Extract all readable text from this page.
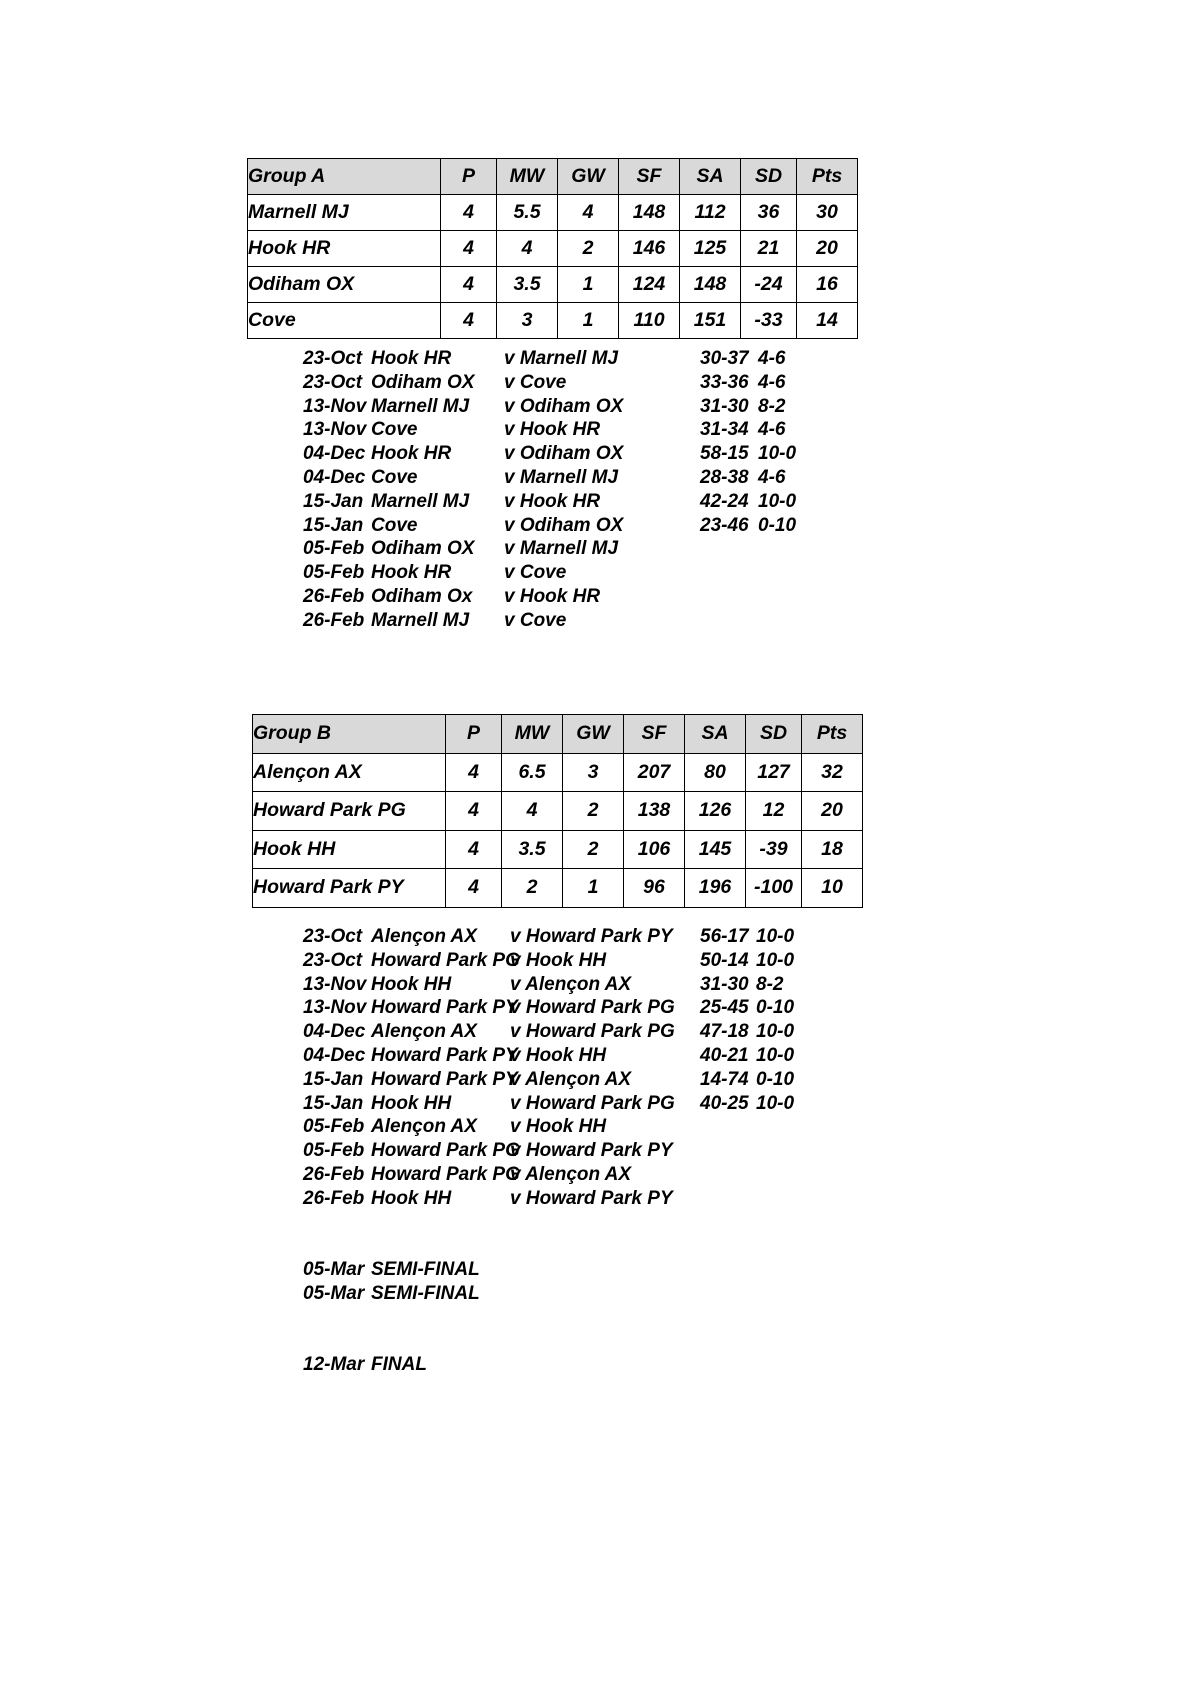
Group A	P	MW	GW	SF	SA	SD	Pts
Marnell MJ	4	5.5	4	148	112	36	30
Hook HR	4	4	2	146	125	21	20
Odiham OX	4	3.5	1	124	148	-24	16
Cove	4	3	1	110	151	-33	14
23-Oct Hook HR	v Marnell MJ	30-37 4-6
23-Oct Odiham OX v Cove	33-36 4-6
13-Nov Marnell MJ v Odiham OX	31-30 8-2
13-Nov Cove	v Hook HR	31-34 4-6
04-Dec Hook HR	v Odiham OX	58-15 10-0
04-Dec Cove	v Marnell MJ	28-38 4-6
15-Jan Marnell MJ v Hook HR	42-24 10-0
15-Jan Cove	v Odiham OX	23-46 0-10
05-Feb Odiham OX v Marnell MJ
05-Feb Hook HR	v Cove
26-Feb Odiham Ox v Hook HR
26-Feb Marnell MJ v Cove
Group B	P	MW	GW	SF	SA	SD	Pts
Alençon AX	4	6.5	3	207	80	127	32
Howard Park PG	4	4	2	138	126	12	20
Hook HH	4	3.5	2	106	145	-39	18
Howard Park PY	4	2	1	96	196	-100	10
23-Oct Alençon AX v Howard Park PY 56-17 10-0
23-Oct Howard Park PGv Hook HH	50-14 10-0
13-Nov Hook HH	v Alençon AX	31-30 8-2
13-Nov Howard Park PYv Howard Park PG 25-45 0-10
04-Dec Alençon AX v Howard Park PG 47-18 10-0
04-Dec Howard Park PYv Hook HH	40-21 10-0
15-Jan Howard Park PYv Alençon AX	14-74 0-10
15-Jan Hook HH	v Howard Park PG 40-25 10-0
05-Feb Alençon AX v Hook HH
05-Feb Howard Park PGv Howard Park PY
26-Feb Howard Park PGv Alençon AX
26-Feb Hook HH	v Howard Park PY
05-Mar SEMI-FINAL
05-Mar SEMI-FINAL
12-Mar FINAL
